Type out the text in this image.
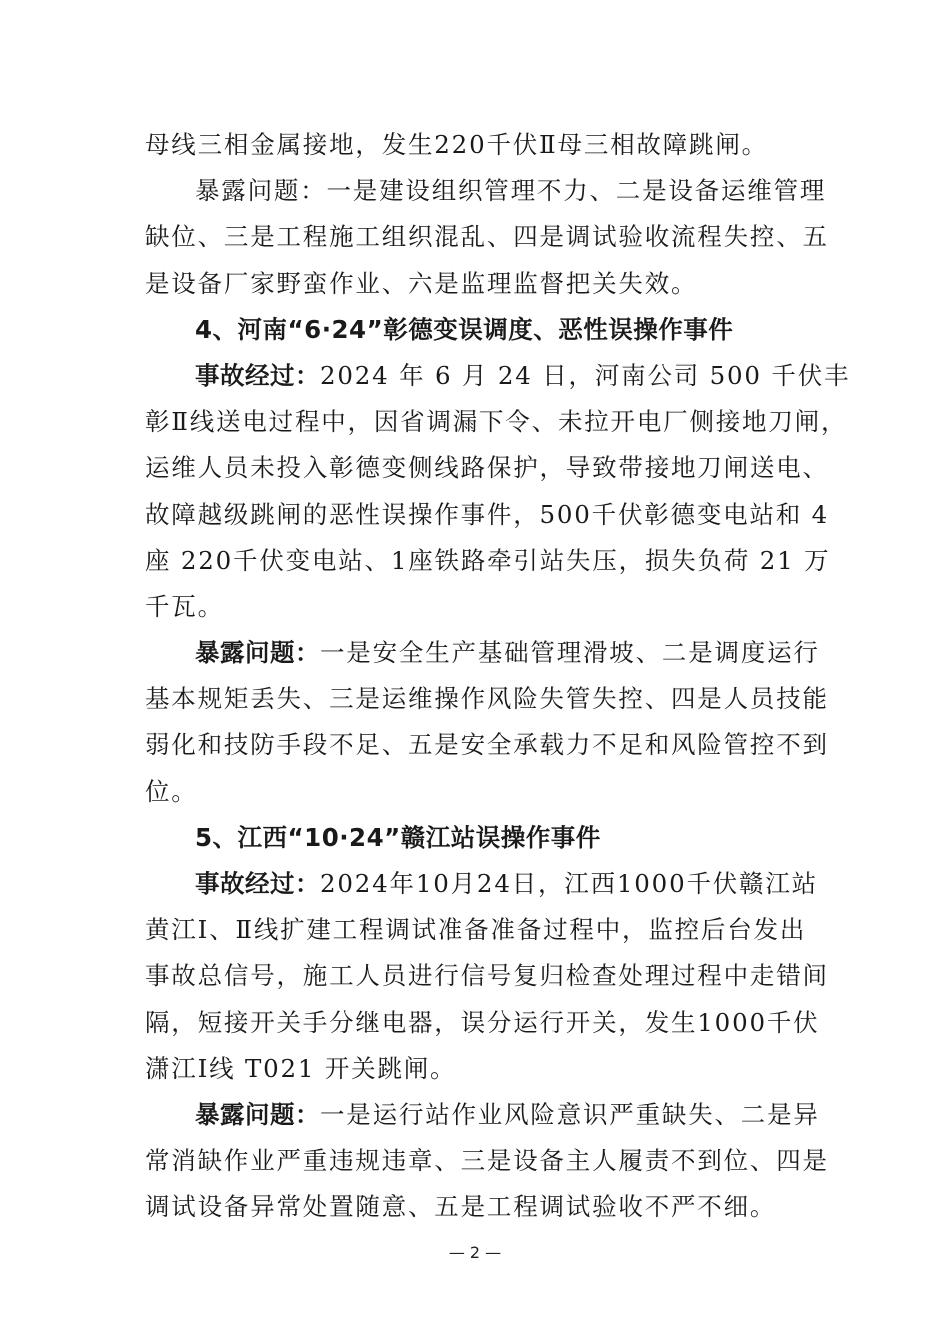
母线三相金属接地，发生220千伏Ⅱ母三相故障跳闸。
暴露问题：一是建设组织管理不力、二是设备运维管理
缺位、三是工程施工组织混乱、四是调试验收流程失控、五
是设备厂家野蛮作业、六是监理监督把关失效。
4、河南“6·24”彰德变误调度、恶性误操作事件
事故经过：2024 年 6 月 24 日，河南公司 500 千伏丰
彰Ⅱ线送电过程中，因省调漏下令、未拉开电厂侧接地刀闸，
运维人员未投入彰德变侧线路保护，导致带接地刀闸送电、
故障越级跳闸的恶性误操作事件，500千伏彰德变电站和 4
座 220千伏变电站、1座铁路牵引站失压，损失负荷 21 万
千瓦。
暴露问题：一是安全生产基础管理滑坡、二是调度运行
基本规矩丢失、三是运维操作风险失管失控、四是人员技能
弱化和技防手段不足、五是安全承载力不足和风险管控不到
位。
5、江西“10·24”赣江站误操作事件
事故经过：2024年10月24日，江西1000千伏赣江站
黄江Ⅰ、Ⅱ线扩建工程调试准备准备过程中，监控后台发出
事故总信号，施工人员进行信号复归检查处理过程中走错间
隔，短接开关手分继电器，误分运行开关，发生1000千伏
潇江Ⅰ线 T021 开关跳闸。
暴露问题：一是运行站作业风险意识严重缺失、二是异
常消缺作业严重违规违章、三是设备主人履责不到位、四是
调试设备异常处置随意、五是工程调试验收不严不细。
— 2 —
